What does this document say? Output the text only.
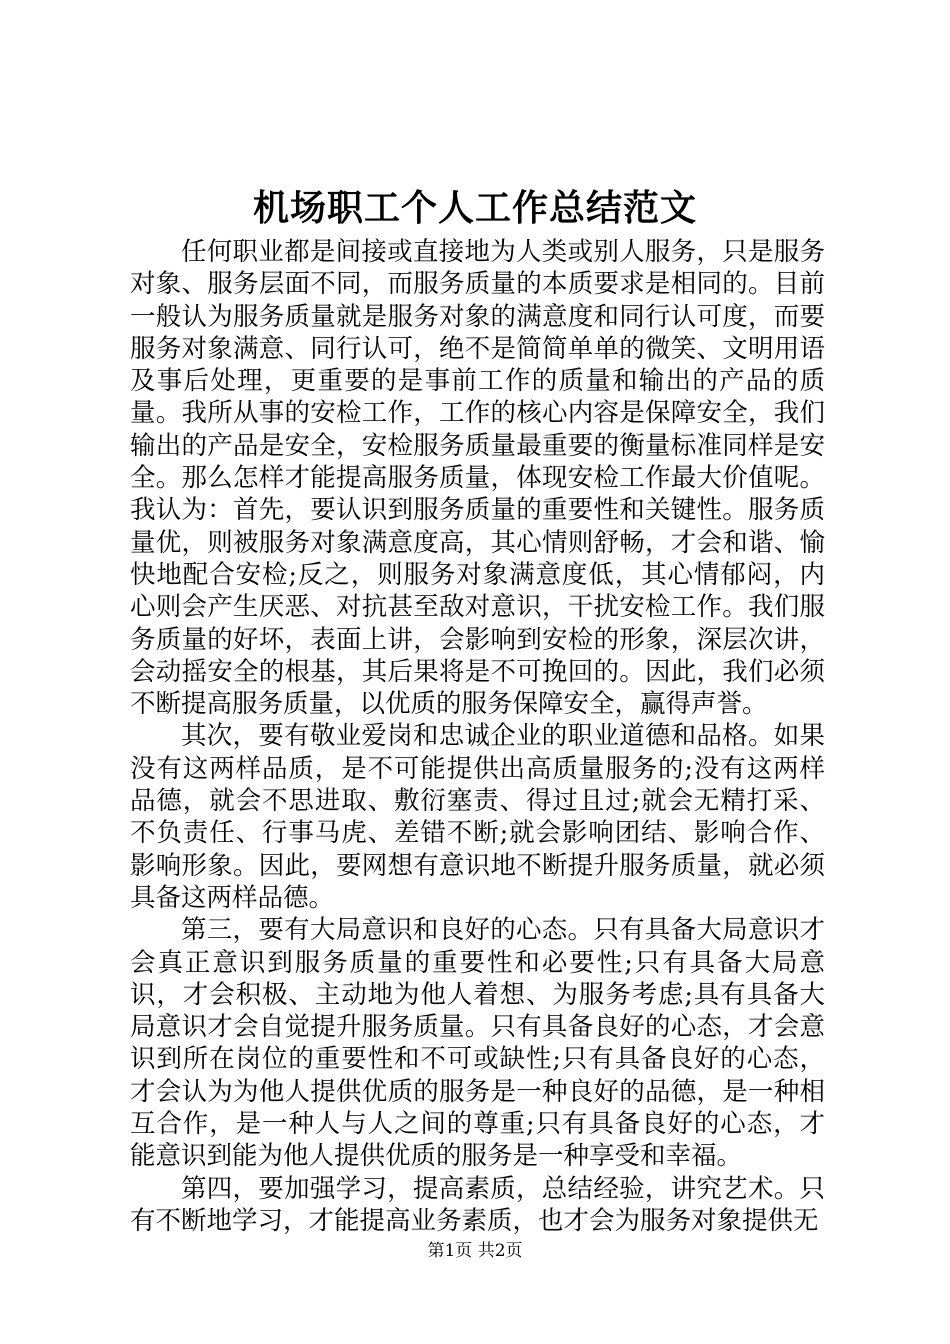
机场职工个人工作总结范文

任何职业都是间接或直接地为人类或别人服务，只是服务对象、服务层面不同，而服务质量的本质要求是相同的。目前一般认为服务质量就是服务对象的满意度和同行认可度，而要服务对象满意、同行认可，绝不是简简单单的微笑、文明用语及事后处理，更重要的是事前工作的质量和输出的产品的质量。我所从事的安检工作，工作的核心内容是保障安全，我们输出的产品是安全，安检服务质量最重要的衡量标准同样是安全。那么怎样才能提高服务质量，体现安检工作最大价值呢。我认为：首先，要认识到服务质量的重要性和关键性。服务质量优，则被服务对象满意度高，其心情则舒畅，才会和谐、愉快地配合安检;反之，则服务对象满意度低，其心情郁闷，内心则会产生厌恶、对抗甚至敌对意识，干扰安检工作。我们服务质量的好坏，表面上讲，会影响到安检的形象，深层次讲，会动摇安全的根基，其后果将是不可挽回的。因此，我们必须不断提高服务质量，以优质的服务保障安全，赢得声誉。

其次，要有敬业爱岗和忠诚企业的职业道德和品格。如果没有这两样品质，是不可能提供出高质量服务的;没有这两样品德，就会不思进取、敷衍塞责、得过且过;就会无精打采、不负责任、行事马虎、差错不断;就会影响团结、影响合作、影响形象。因此，要网想有意识地不断提升服务质量，就必须具备这两样品德。

第三，要有大局意识和良好的心态。只有具备大局意识才会真正意识到服务质量的重要性和必要性;只有具备大局意识，才会积极、主动地为他人着想、为服务考虑;具有具备大局意识才会自觉提升服务质量。只有具备良好的心态，才会意识到所在岗位的重要性和不可或缺性;只有具备良好的心态，才会认为为他人提供优质的服务是一种良好的品德，是一种相互合作，是一种人与人之间的尊重;只有具备良好的心态，才能意识到能为他人提供优质的服务是一种享受和幸福。

第四，要加强学习，提高素质，总结经验，讲究艺术。只有不断地学习，才能提高业务素质，也才会为服务对象提供无

第1页 共2页
